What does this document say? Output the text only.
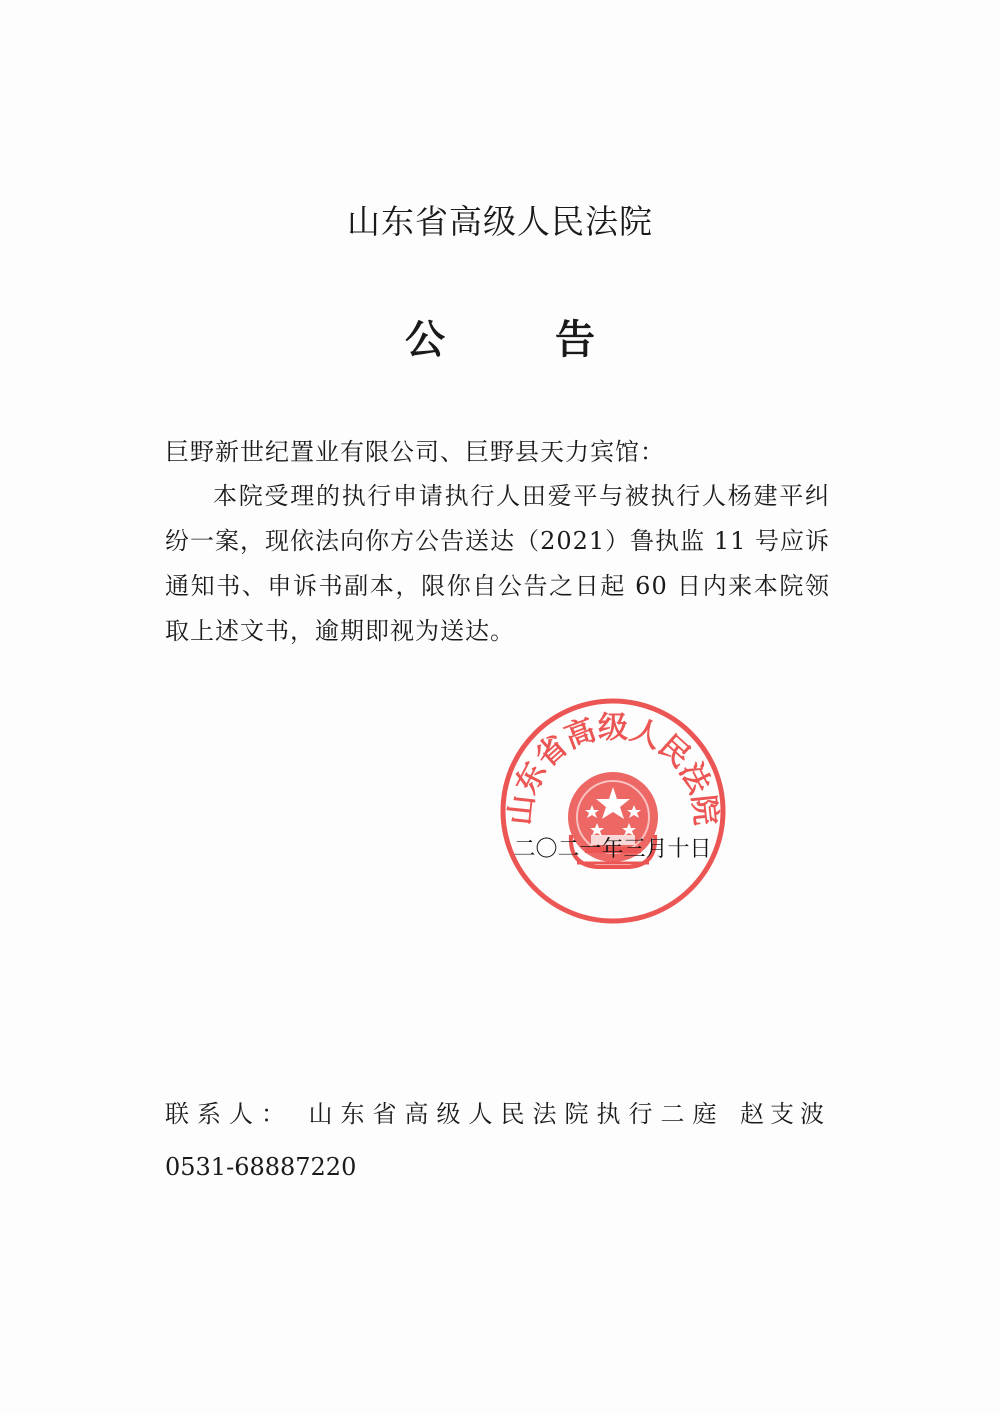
山东省高级人民法院
公告
巨野新世纪置业有限公司、巨野县天力宾馆：
本院受理的执行申请执行人田爱平与被执行人杨建平纠纷一案，现依法向你方公告送达（2021）鲁执监 11 号应诉通知书、申诉书副本，限你自公告之日起 60 日内来本院领取上述文书，逾期即视为送达。
山东省高级人民法院
二〇二一年三月十日
联系人： 山东省高级人民法院执行二庭 赵支波
0531-68887220
